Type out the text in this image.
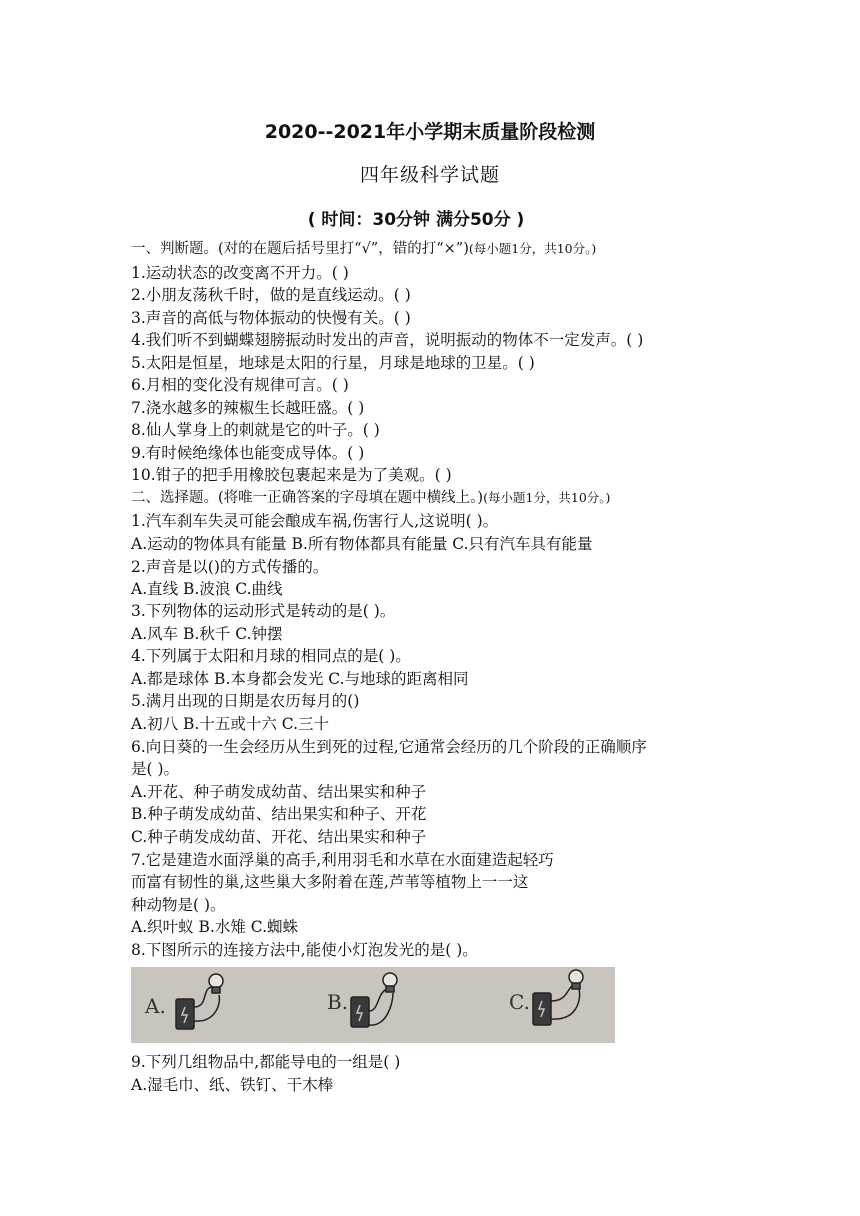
2020--2021年小学期末质量阶段检测
四年级科学试题
( 时间：30分钟 满分50分 )
一、判断题。(对的在题后括号里打“√”，错的打“×”)(每小题1分，共10分。)
1.运动状态的改变离不开力。( )
2.小朋友荡秋千时，做的是直线运动。( )
3.声音的高低与物体振动的快慢有关。( )
4.我们听不到蝴蝶翅膀振动时发出的声音，说明振动的物体不一定发声。( )
5.太阳是恒星，地球是太阳的行星，月球是地球的卫星。( )
6.月相的变化没有规律可言。( )
7.浇水越多的辣椒生长越旺盛。( )
8.仙人掌身上的刺就是它的叶子。( )
9.有时候绝缘体也能变成导体。( )
10.钳子的把手用橡胶包裹起来是为了美观。( )
二、选择题。(将唯一正确答案的字母填在题中横线上。)(每小题1分，共10分。)
1.汽车刹车失灵可能会酿成车祸,伤害行人,这说明( )。
A.运动的物体具有能量 B.所有物体都具有能量 C.只有汽车具有能量
2.声音是以()的方式传播的。
A.直线 B.波浪 C.曲线
3.下列物体的运动形式是转动的是( )。
A.风车 B.秋千 C.钟摆
4.下列属于太阳和月球的相同点的是( )。
A.都是球体 B.本身都会发光 C.与地球的距离相同
5.满月出现的日期是农历每月的()
A.初八 B.十五或十六 C.三十
6.向日葵的一生会经历从生到死的过程,它通常会经历的几个阶段的正确顺序
是( )。
A.开花、种子萌发成幼苗、结出果实和种子
B.种子萌发成幼苗、结出果实和种子、开花
C.种子萌发成幼苗、开花、结出果实和种子
7.它是建造水面浮巢的高手,利用羽毛和水草在水面建造起轻巧
而富有韧性的巢,这些巢大多附着在莲,芦苇等植物上一一这
种动物是( )。
A.织叶蚁 B.水雉 C.蜘蛛
8.下图所示的连接方法中,能使小灯泡发光的是( )。
A.	B.	C.
9.下列几组物品中,都能导电的一组是( )
A.湿毛巾、纸、铁钉、干木棒
